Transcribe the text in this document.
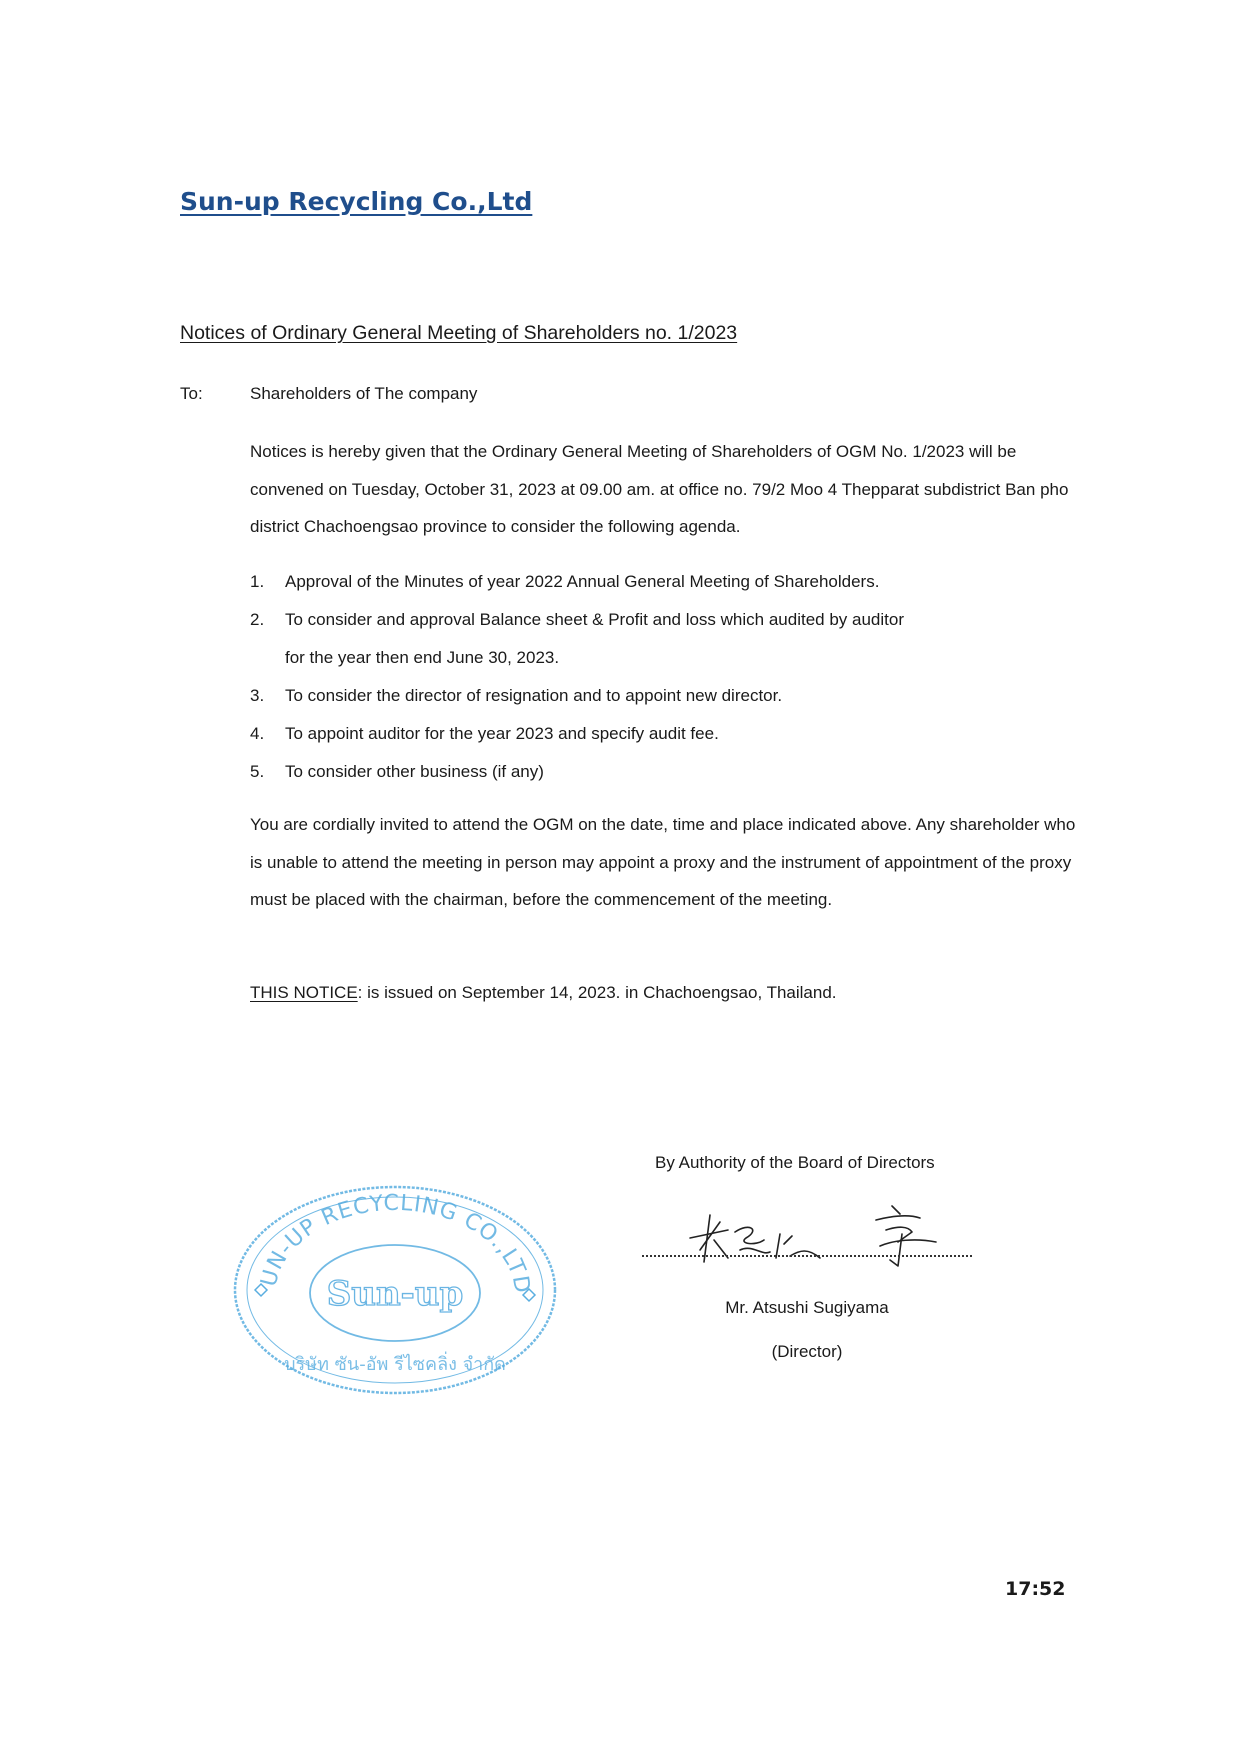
Sun-up Recycling Co.,Ltd
Notices of Ordinary General Meeting of Shareholders no. 1/2023
To:	Shareholders of The company

Notices is hereby given that the Ordinary General Meeting of Shareholders of OGM No. 1/2023 will be convened on Tuesday, October 31, 2023 at 09.00 am. at office no. 79/2 Moo 4 Thepparat subdistrict Ban pho district Chachoengsao province to consider the following agenda.

1. Approval of the Minutes of year 2022 Annual General Meeting of Shareholders.
2. To consider and approval Balance sheet & Profit and loss which audited by auditor for the year then end June 30, 2023.
3. To consider the director of resignation and to appoint new director.
4. To appoint auditor for the year 2023 and specify audit fee.
5. To consider other business (if any)

You are cordially invited to attend the OGM on the date, time and place indicated above. Any shareholder who is unable to attend the meeting in person may appoint a proxy and the instrument of appointment of the proxy must be placed with the chairman, before the commencement of the meeting.

THIS NOTICE: is issued on September 14, 2023. in Chachoengsao, Thailand.
UN-UP RECYCLING CO.,LTD
Sun-up
บริษัท ซัน-อัพ รีไซคลิ่ง จำกัด
By Authority of the Board of Directors
Mr. Atsushi Sugiyama
(Director)
17:52
